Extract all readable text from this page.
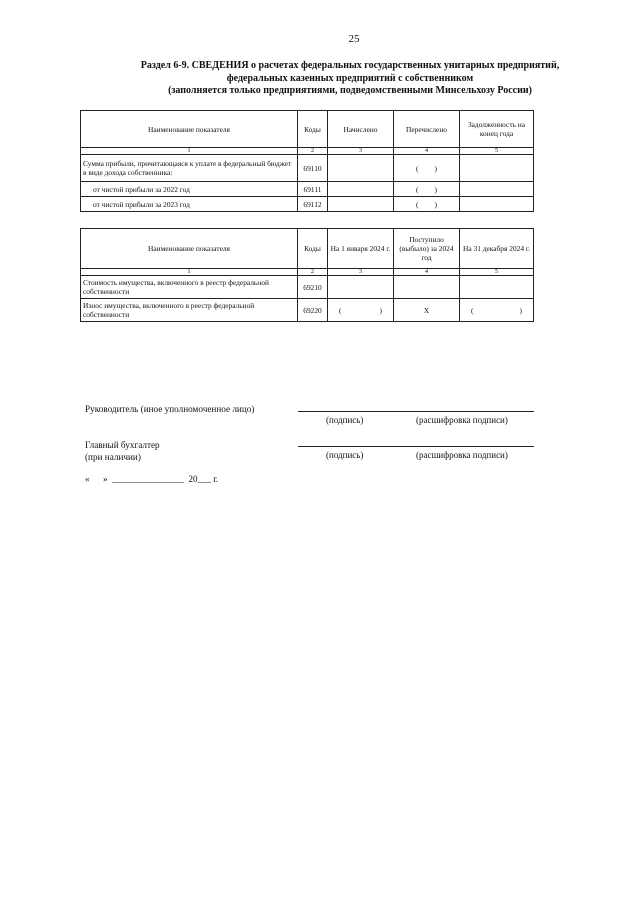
25
Раздел 6-9. СВЕДЕНИЯ о расчетах федеральных государственных унитарных предприятий,
федеральных казенных предприятий с собственником
(заполняется только предприятиями, подведомственными Минсельхозу России)
Наименование показателя	Коды	Начислено	Перечислено	Задолженность на конец года
1	2	3	4	5
Сумма прибыли, причитающаяся к уплате в федеральный бюджет в виде дохода собственника:	69110		( )	

от чистой прибыли за 2022 год	69111		( )	

от чистой прибыли за 2023 год	69112		( )	

Наименование показателя	Коды	На 1 января 2024 г.	Поступило (выбыло) за 2024 год	На 31 декабря 2024 г.
1	2	3	4	5
Стоимость имущества, включенного в реестр федеральной собственности	69210			
Износ имущества, включенного в реестр федеральной собственности	69220	( )	X	( )
Руководитель (иное уполномоченное лицо)
(подпись)	(расшифровка подписи)
Главный бухгалтер
(при наличии)	(подпись)	(расшифровка подписи)
«      »  ________________  20___ г.
